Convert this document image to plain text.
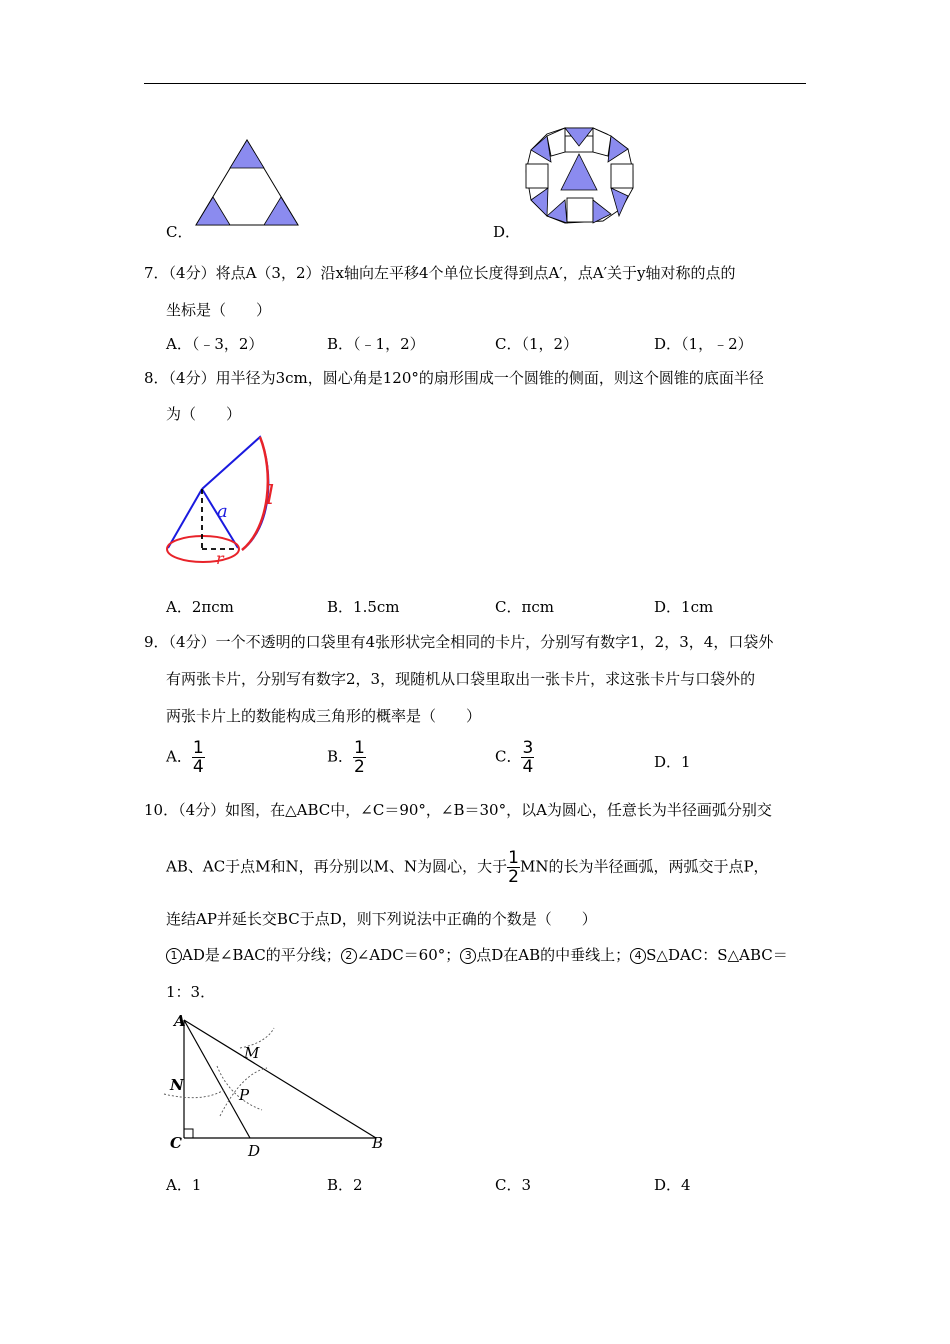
C．	D．
7．（4分）将点A（3，2）沿x轴向左平移4个单位长度得到点A′，点A′关于y轴对称的点的
坐标是（　　）
A．（﹣3，2）	B．（﹣1，2）	C．（1，2）	D．（1，﹣2）
8．（4分）用半径为3cm，圆心角是120°的扇形围成一个圆锥的侧面，则这个圆锥的底面半径
为（　　）
a
l
r
A．2πcm	B．1.5cm	C．πcm	D．1cm
9．（4分）一个不透明的口袋里有4张形状完全相同的卡片，分别写有数字1，2，3，4，口袋外
有两张卡片，分别写有数字2，3，现随机从口袋里取出一张卡片，求这张卡片与口袋外的
两张卡片上的数能构成三角形的概率是（　　）
A． $\frac{1}{4}$	B． $\frac{1}{2}$	C． $\frac{3}{4}$	D．1
10．（4分）如图，在△ABC中，∠C＝90°，∠B＝30°，以A为圆心，任意长为半径画弧分别交
AB、AC于点M和N，再分别以M、N为圆心，大于 $\frac{1}{2}$ MN的长为半径画弧，两弧交于点P，
连结AP并延长交BC于点D，则下列说法中正确的个数是（　　）
1 AD是∠BAC的平分线； 2 ∠ADC＝60°； 3 点D在AB的中垂线上； 4 S△DAC：S△ABC＝
1：3．
A
M
N
P
C	D	B
A．1	B．2	C．3	D．4
